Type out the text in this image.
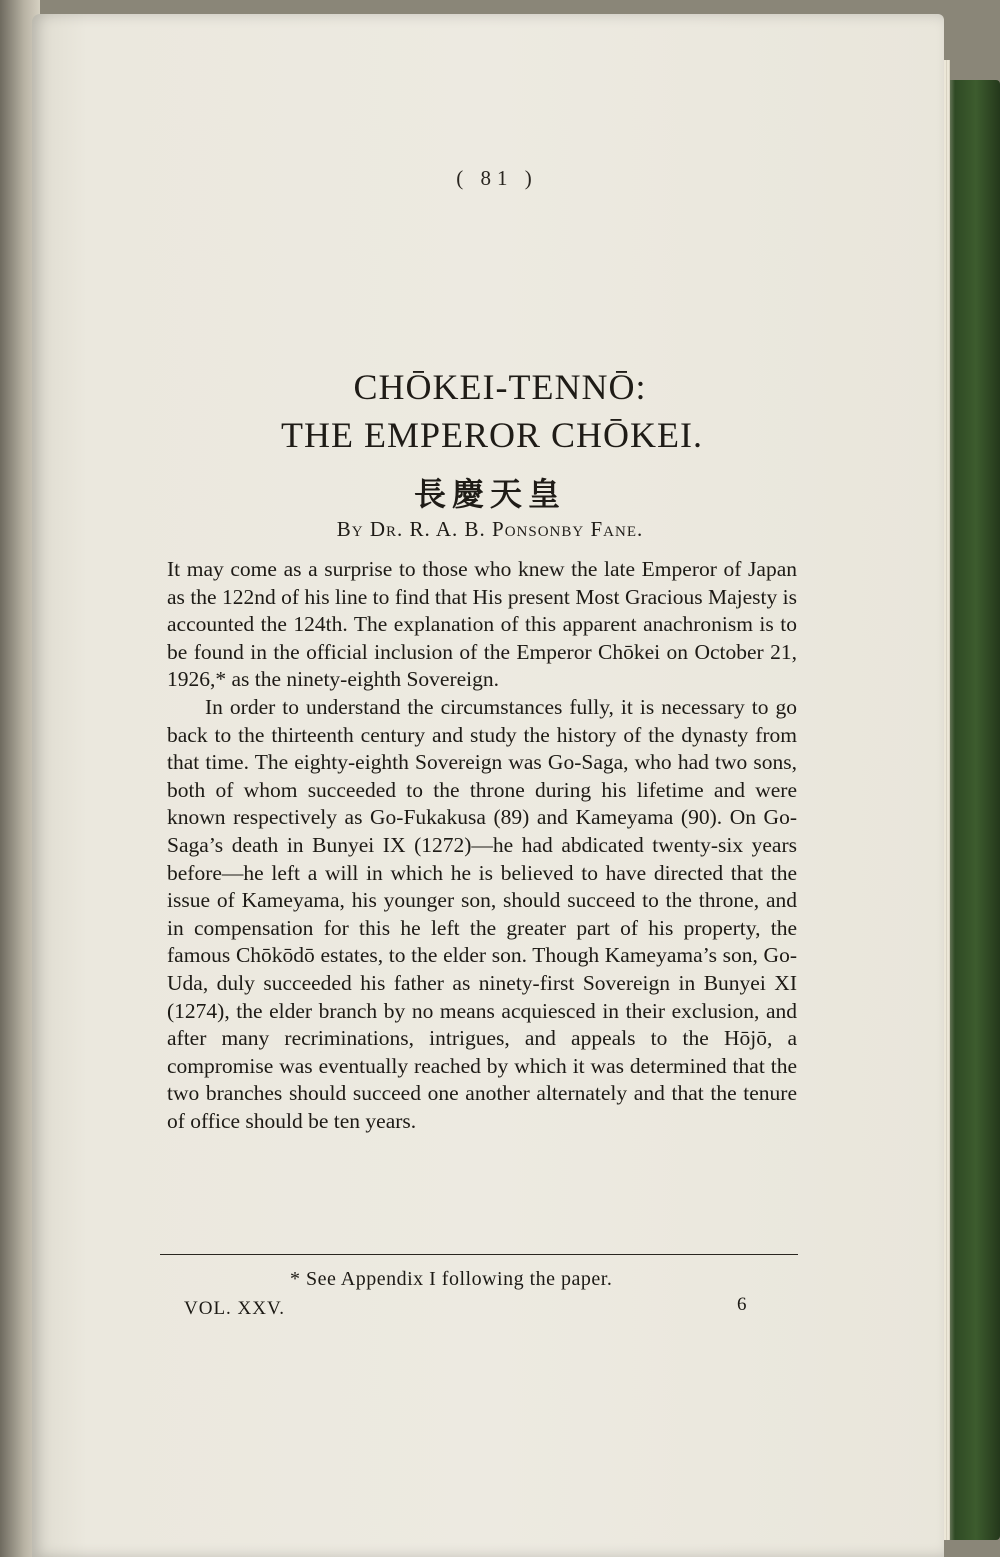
( 81 )
CHŌKEI-TENNŌ:
THE EMPEROR CHŌKEI.
長慶天皇
By Dr. R. A. B. Ponsonby Fane.

It may come as a surprise to those who knew the late Emperor of Japan as the 122nd of his line to find that His present Most Gracious Majesty is accounted the 124th. The explanation of this apparent anachronism is to be found in the official inclusion of the Emperor Chōkei on October 21, 1926,* as the ninety-eighth Sovereign.

In order to understand the circumstances fully, it is necessary to go back to the thirteenth century and study the history of the dynasty from that time. The eighty-eighth Sovereign was Go-Saga, who had two sons, both of whom succeeded to the throne during his lifetime and were known respectively as Go-Fukakusa (89) and Kameyama (90). On Go-Saga’s death in Bunyei IX (1272)—he had abdicated twenty-six years before—he left a will in which he is believed to have directed that the issue of Kameyama, his younger son, should succeed to the throne, and in compensation for this he left the greater part of his property, the famous Chōkōdō estates, to the elder son. Though Kameyama’s son, Go-Uda, duly succeeded his father as ninety-first Sovereign in Bunyei XI (1274), the elder branch by no means acquiesced in their exclusion, and after many recriminations, intrigues, and appeals to the Hōjō, a compromise was eventually reached by which it was determined that the two branches should succeed one another alternately and that the tenure of office should be ten years.

* See Appendix I following the paper.
VOL. XXV.	6
